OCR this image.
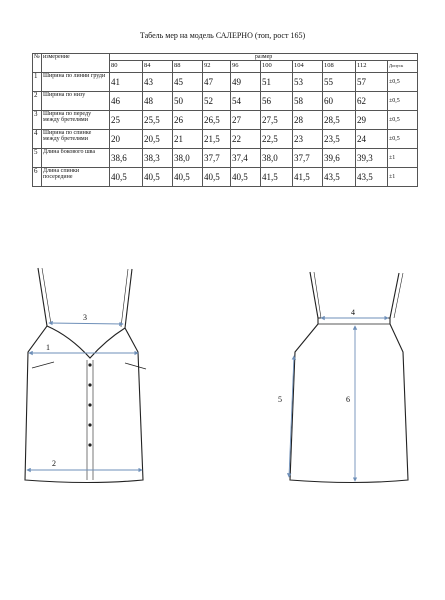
Табель мер на модель САЛЕРНО (топ, рост 165)
№	измерение	размер									
		80	84	88	92	96	100	104	108	112	Допуск
1	Ширина по линии груди	41	43	45	47	49	51	53	55	57	±0,5
2	Ширина по низу	46	48	50	52	54	56	58	60	62	±0,5
3	Ширина по переду между бретелями	25	25,5	26	26,5	27	27,5	28	28,5	29	±0,5
4	Ширина по спинке между бретелями	20	20,5	21	21,5	22	22,5	23	23,5	24	±0,5
5	Длина бокового шва	38,6	38,3	38,0	37,7	37,4	38,0	37,7	39,6	39,3	±1
6	Длина спинки посередине	40,5	40,5	40,5	40,5	40,5	41,5	41,5	43,5	43,5	±1
3
1
2
4
5	6
